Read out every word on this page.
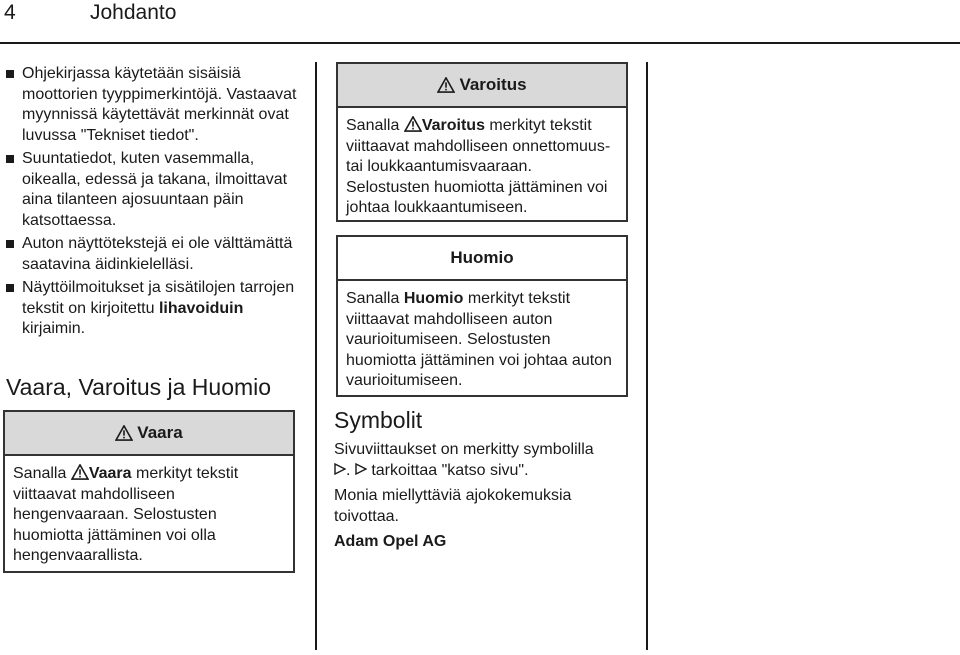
4	Johdanto
Ohjekirjassa käytetään sisäisiä moottorien tyyppimerkintöjä. Vastaavat myynnissä käytettävät merkinnät ovat luvussa "Tekniset tiedot".
Suuntatiedot, kuten vasemmalla, oikealla, edessä ja takana, ilmoittavat aina tilanteen ajosuuntaan päin katsottaessa.
Auton näyttötekstejä ei ole välttämättä saatavina äidinkielelläsi.
Näyttöilmoitukset ja sisätilojen tarrojen tekstit on kirjoitettu lihavoiduin kirjaimin.
Vaara, Varoitus ja Huomio
Vaara
Sanalla Vaara merkityt tekstit viittaavat mahdolliseen hengenvaaraan. Selostusten huomiotta jättäminen voi olla hengenvaarallista.
Varoitus
Sanalla Varoitus merkityt tekstit viittaavat mahdolliseen onnettomuus- tai loukkaantumisvaaraan. Selostusten huomiotta jättäminen voi johtaa loukkaantumiseen.
Huomio
Sanalla Huomio merkityt tekstit viittaavat mahdolliseen auton vaurioitumiseen. Selostusten huomiotta jättäminen voi johtaa auton vaurioitumiseen.
Symbolit
Sivuviittaukset on merkitty symbolilla
.  tarkoittaa "katso sivu".
Monia miellyttäviä ajokokemuksia toivottaa.
Adam Opel AG
